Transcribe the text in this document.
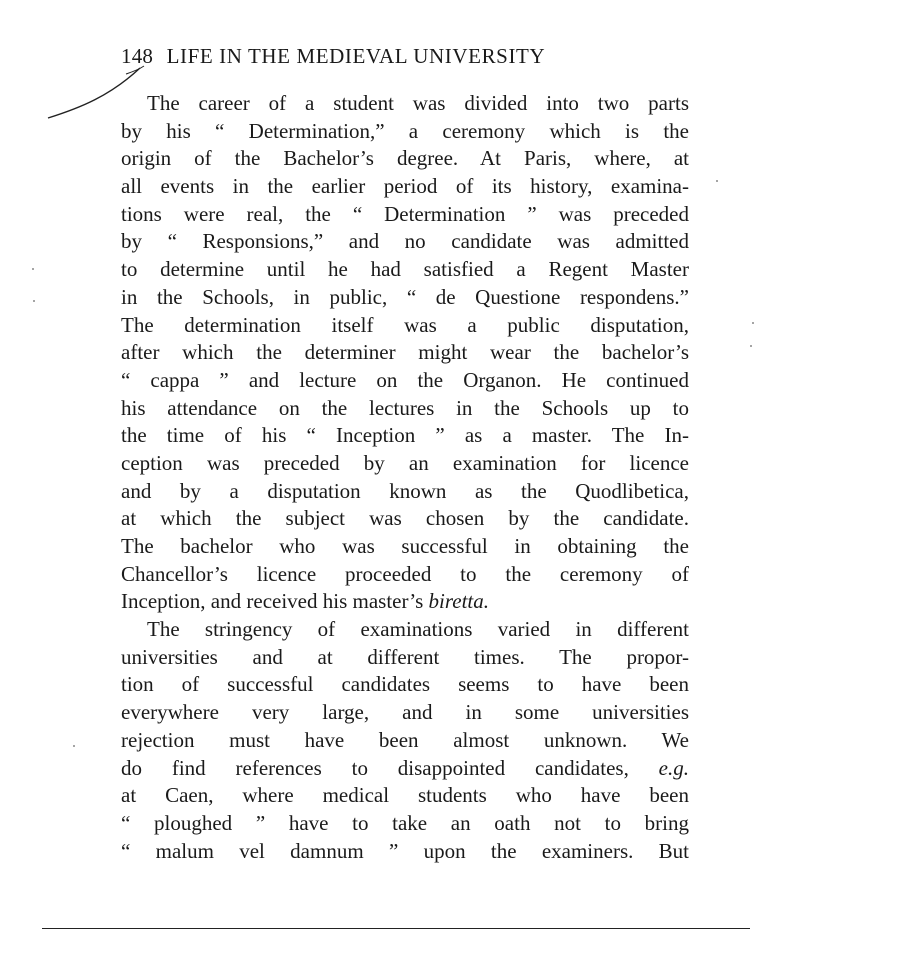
148 LIFE IN THE MEDIEVAL UNIVERSITY
The career of a student was divided into two parts
by his “ Determination,” a ceremony which is the
origin of the Bachelor’s degree. At Paris, where, at
all events in the earlier period of its history, examina-
tions were real, the “ Determination ” was preceded
by “ Responsions,” and no candidate was admitted
to determine until he had satisfied a Regent Master
in the Schools, in public, “ de Questione respondens.”
The determination itself was a public disputation,
after which the determiner might wear the bachelor’s
“ cappa ” and lecture on the Organon. He continued
his attendance on the lectures in the Schools up to
the time of his “ Inception ” as a master. The In-
ception was preceded by an examination for licence
and by a disputation known as the Quodlibetica,
at which the subject was chosen by the candidate.
The bachelor who was successful in obtaining the
Chancellor’s licence proceeded to the ceremony of
Inception, and received his master’s biretta.
The stringency of examinations varied in different
universities and at different times. The propor-
tion of successful candidates seems to have been
everywhere very large, and in some universities
rejection must have been almost unknown. We
do find references to disappointed candidates, e.g.
at Caen, where medical students who have been
“ ploughed ” have to take an oath not to bring
“ malum vel damnum ” upon the examiners. But
